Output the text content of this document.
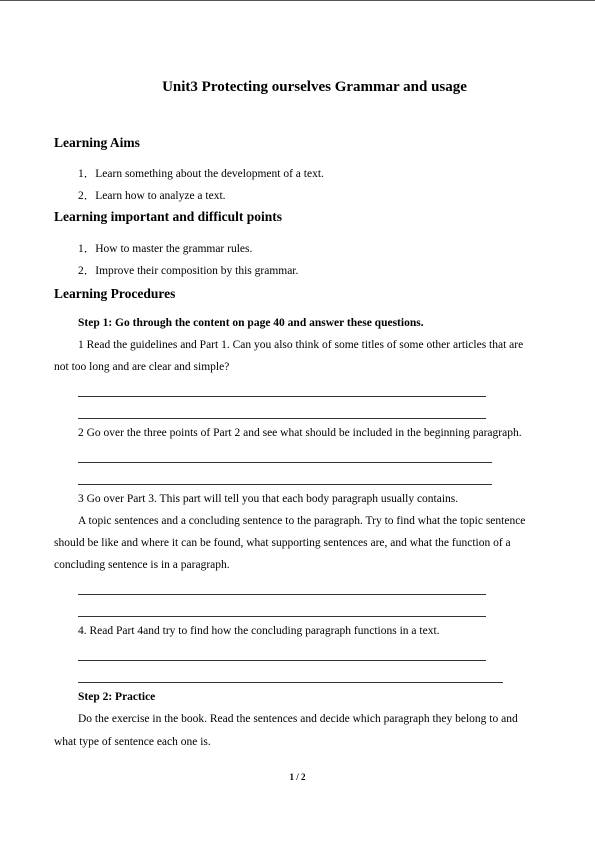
Unit3 Protecting ourselves Grammar and usage
Learning Aims
1．Learn something about the development of a text.
2．Learn how to analyze a text.
Learning important and difficult points
1．How to master the grammar rules.
2．Improve their composition by this grammar.
Learning Procedures
Step 1: Go through the content on page 40 and answer these questions.
1 Read the guidelines and Part 1. Can you also think of some titles of some other articles that are
not too long and are clear and simple?
2 Go over the three points of Part 2 and see what should be included in the beginning paragraph.
3 Go over Part 3. This part will tell you that each body paragraph usually contains.
A topic sentences and a concluding sentence to the paragraph. Try to find what the topic sentence
should be like and where it can be found, what supporting sentences are, and what the function of a
concluding sentence is in a paragraph.
4. Read Part 4and try to find how the concluding paragraph functions in a text.
Step 2: Practice
Do the exercise in the book. Read the sentences and decide which paragraph they belong to and
what type of sentence each one is.
1 / 2
